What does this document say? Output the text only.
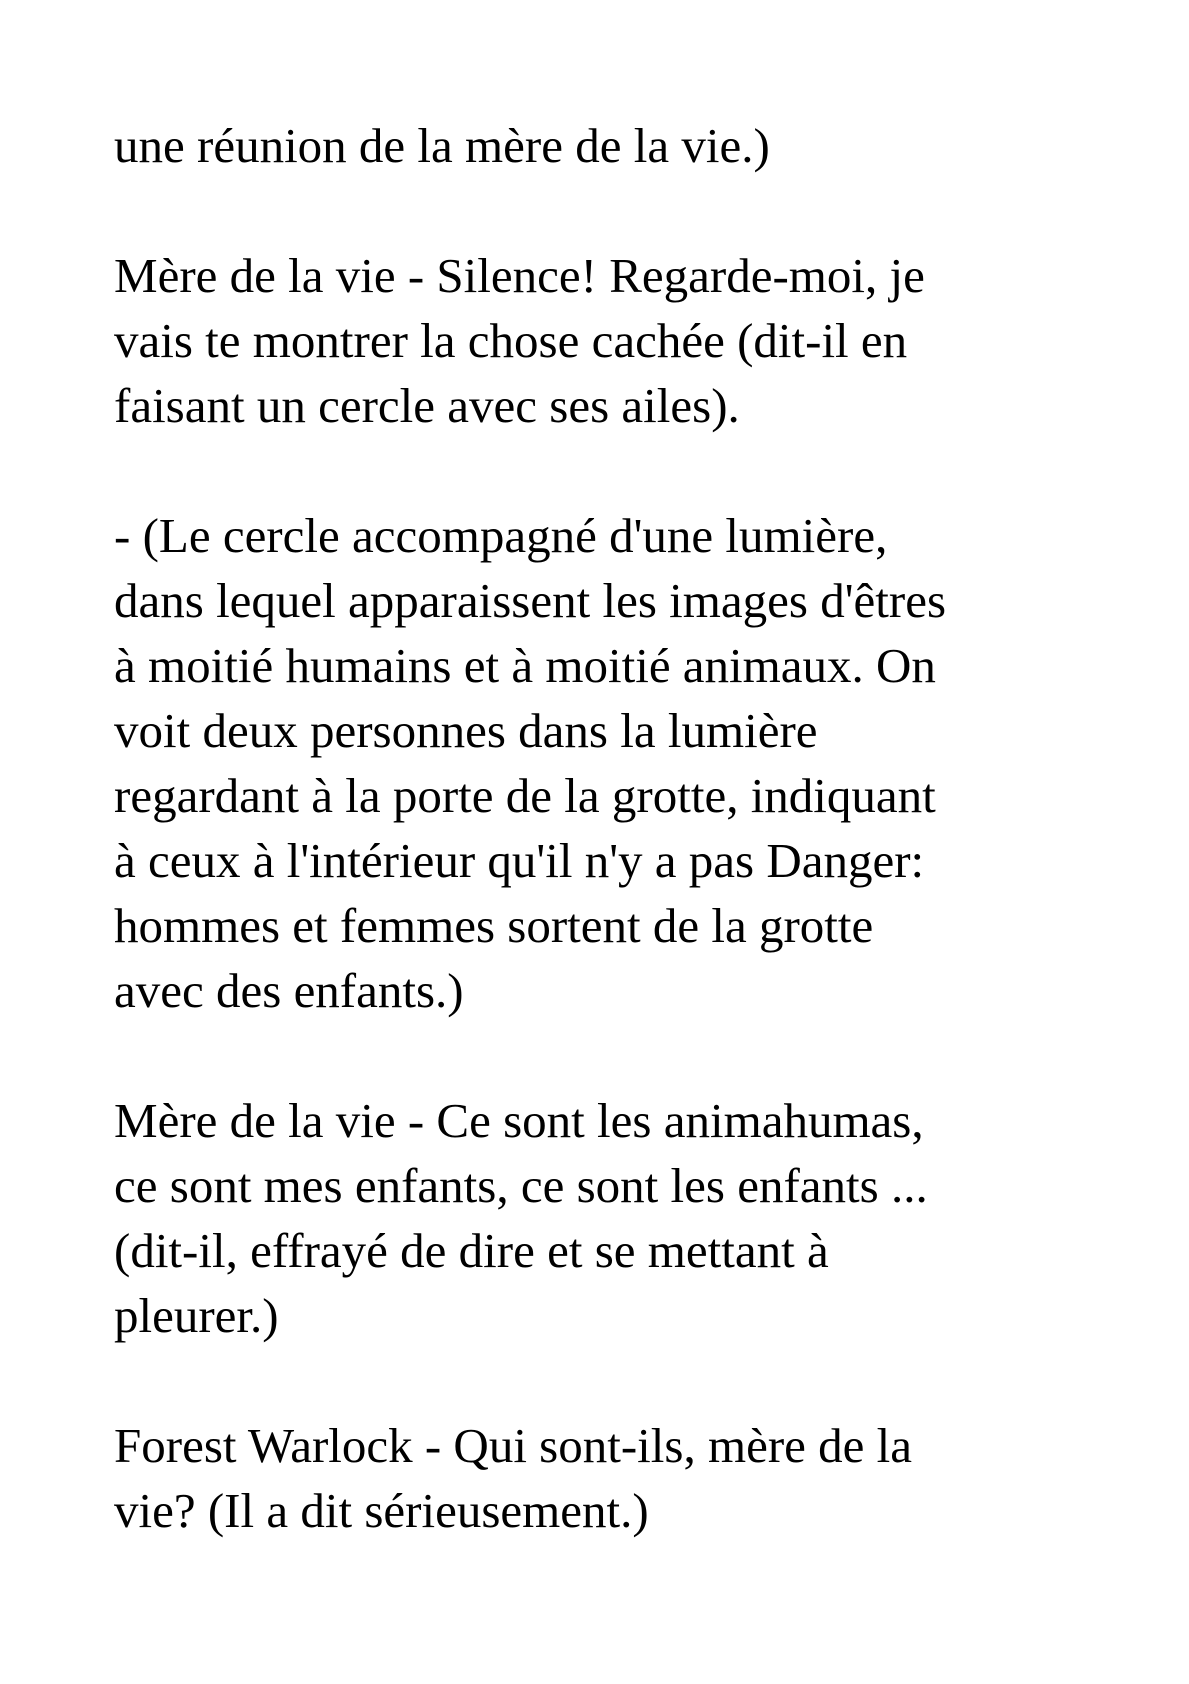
une réunion de la mère de la vie.)

Mère de la vie - Silence! Regarde-moi, je
vais te montrer la chose cachée (dit-il en
faisant un cercle avec ses ailes).

- (Le cercle accompagné d'une lumière,
dans lequel apparaissent les images d'êtres
à moitié humains et à moitié animaux. On
voit deux personnes dans la lumière
regardant à la porte de la grotte, indiquant
à ceux à l'intérieur qu'il n'y a pas Danger:
hommes et femmes sortent de la grotte
avec des enfants.)

Mère de la vie - Ce sont les animahumas,
ce sont mes enfants, ce sont les enfants ...
(dit-il, effrayé de dire et se mettant à
pleurer.)

Forest Warlock - Qui sont-ils, mère de la
vie? (Il a dit sérieusement.)
